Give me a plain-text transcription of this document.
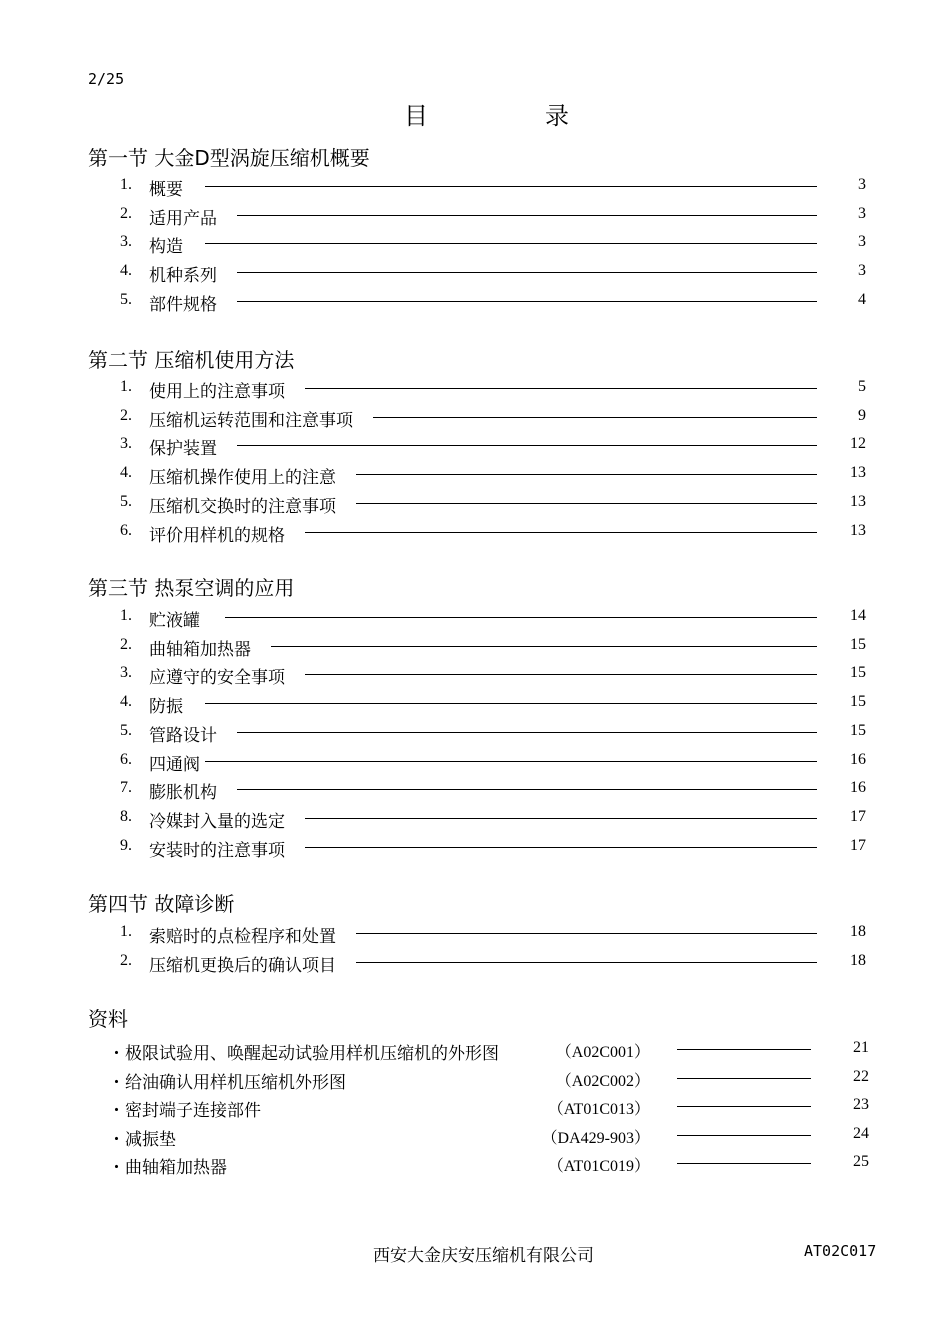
2/25
目	录
第一节 大金D型涡旋压缩机概要
1. 概要	3
2. 适用产品	3
3. 构造	3
4. 机种系列	3
5. 部件规格	4
第二节 压缩机使用方法
1. 使用上的注意事项	5
2. 压缩机运转范围和注意事项	9
3. 保护装置	12
4. 压缩机操作使用上的注意	13
5. 压缩机交换时的注意事项	13
6. 评价用样机的规格	13
第三节 热泵空调的应用
1. 贮液罐	14
2. 曲轴箱加热器	15
3. 应遵守的安全事项	15
4. 防振	15
5. 管路设计	15
6. 四通阀	16
7. 膨胀机构	16
8. 冷媒封入量的选定	17
9. 安装时的注意事项	17
第四节 故障诊断
1. 索赔时的点检程序和处置	18
2. 压缩机更换后的确认项目	18
资料
・极限试验用、唤醒起动试验用样机压缩机的外形图	（A02C001）	21
・给油确认用样机压缩机外形图	（A02C002）	22
・密封端子连接部件	（AT01C013）	23
・减振垫	（DA429-903）	24
・曲轴箱加热器	（AT01C019）	25
西安大金庆安压缩机有限公司	AT02C017
